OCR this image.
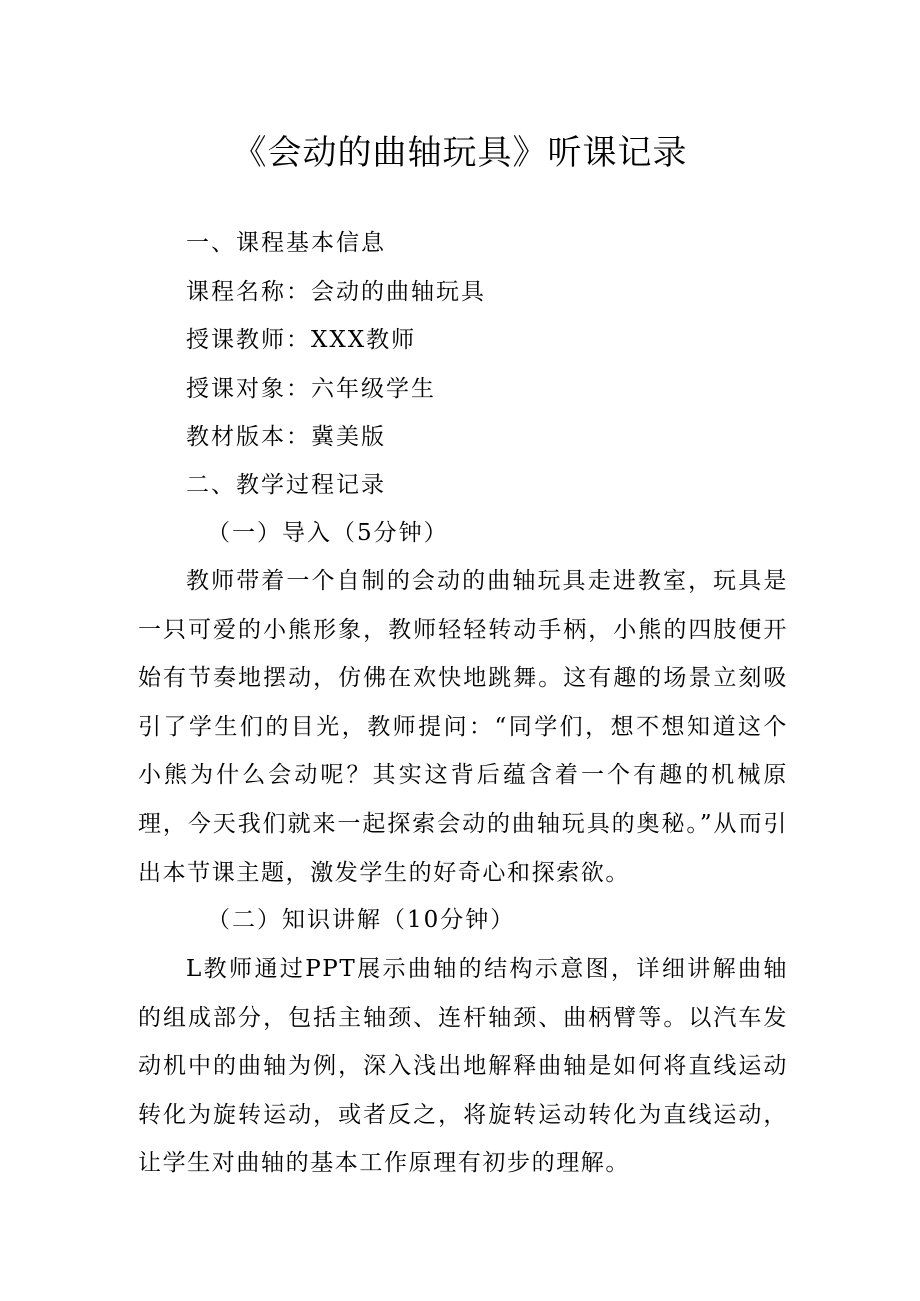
《会动的曲轴玩具》听课记录

一、课程基本信息

课程名称：会动的曲轴玩具

授课教师：XXX教师

授课对象：六年级学生

教材版本：冀美版

二、教学过程记录

（一）导入（5分钟）

教师带着一个自制的会动的曲轴玩具走进教室，玩具是一只可爱的小熊形象，教师轻轻转动手柄，小熊的四肢便开始有节奏地摆动，仿佛在欢快地跳舞。这有趣的场景立刻吸引了学生们的目光，教师提问：“同学们，想不想知道这个小熊为什么会动呢？其实这背后蕴含着一个有趣的机械原理，今天我们就来一起探索会动的曲轴玩具的奥秘。”从而引出本节课主题，激发学生的好奇心和探索欲。

（二）知识讲解（10分钟）

L教师通过PPT展示曲轴的结构示意图，详细讲解曲轴的组成部分，包括主轴颈、连杆轴颈、曲柄臂等。以汽车发动机中的曲轴为例，深入浅出地解释曲轴是如何将直线运动转化为旋转运动，或者反之，将旋转运动转化为直线运动，让学生对曲轴的基本工作原理有初步的理解。
